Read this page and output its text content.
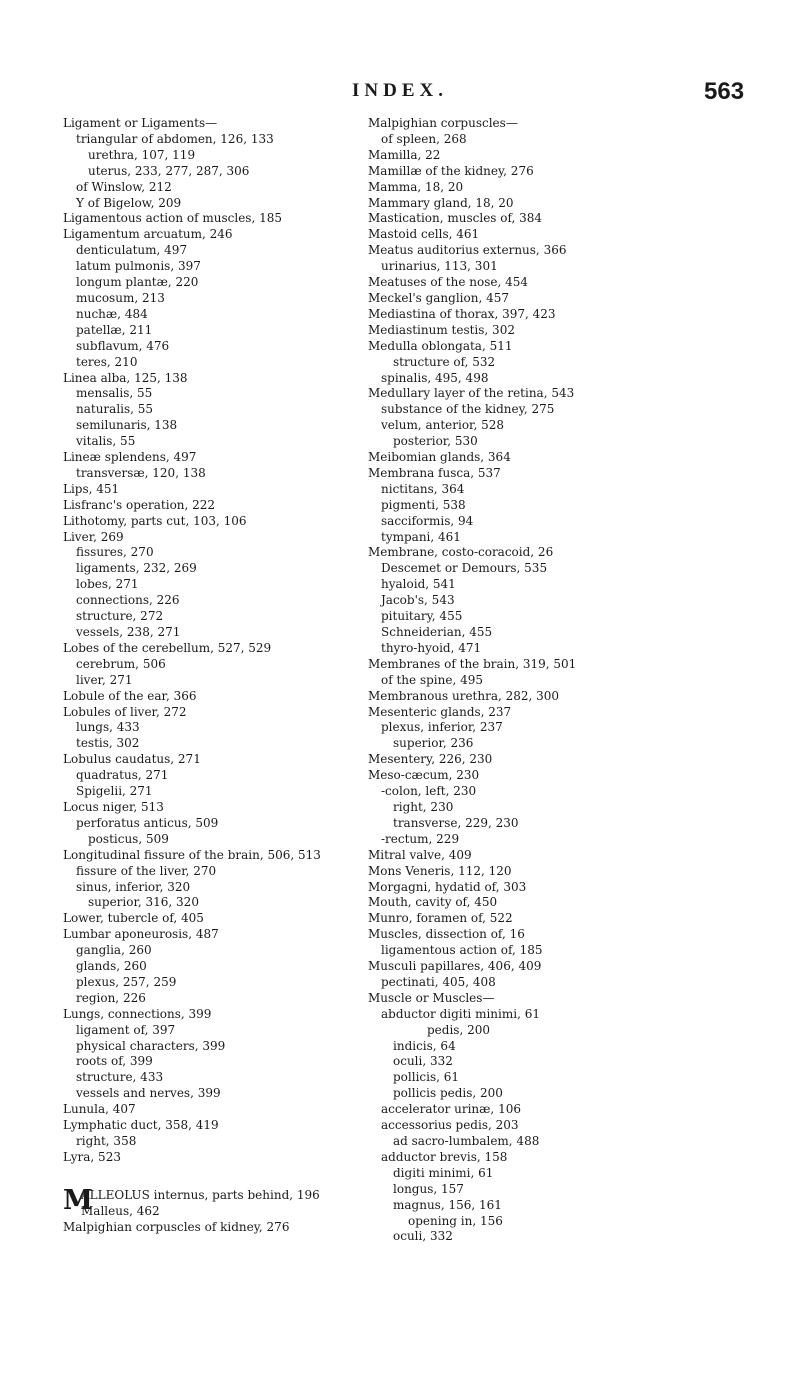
INDEX.	563
Ligament or Ligaments—
triangular of abdomen, 126, 133
urethra, 107, 119
uterus, 233, 277, 287, 306
of Winslow, 212
Y of Bigelow, 209
Ligamentous action of muscles, 185
Ligamentum arcuatum, 246
denticulatum, 497
latum pulmonis, 397
longum plantæ, 220
mucosum, 213
nuchæ, 484
patellæ, 211
subflavum, 476
teres, 210
Linea alba, 125, 138
mensalis, 55
naturalis, 55
semilunaris, 138
vitalis, 55
Lineæ splendens, 497
transversæ, 120, 138
Lips, 451
Lisfranc's operation, 222
Lithotomy, parts cut, 103, 106
Liver, 269
fissures, 270
ligaments, 232, 269
lobes, 271
connections, 226
structure, 272
vessels, 238, 271
Lobes of the cerebellum, 527, 529
cerebrum, 506
liver, 271
Lobule of the ear, 366
Lobules of liver, 272
lungs, 433
testis, 302
Lobulus caudatus, 271
quadratus, 271
Spigelii, 271
Locus niger, 513
perforatus anticus, 509
posticus, 509
Longitudinal fissure of the brain, 506, 513
fissure of the liver, 270
sinus, inferior, 320
superior, 316, 320
Lower, tubercle of, 405
Lumbar aponeurosis, 487
ganglia, 260
glands, 260
plexus, 257, 259
region, 226
Lungs, connections, 399
ligament of, 397
physical characters, 399
roots of, 399
structure, 433
vessels and nerves, 399
Lunula, 407
Lymphatic duct, 358, 419
right, 358
Lyra, 523
M
ALLEOLUS internus, parts behind, 196
Malleus, 462
Malpighian corpuscles of kidney, 276
Malpighian corpuscles—
of spleen, 268
Mamilla, 22
Mamillæ of the kidney, 276
Mamma, 18, 20
Mammary gland, 18, 20
Mastication, muscles of, 384
Mastoid cells, 461
Meatus auditorius externus, 366
urinarius, 113, 301
Meatuses of the nose, 454
Meckel's ganglion, 457
Mediastina of thorax, 397, 423
Mediastinum testis, 302
Medulla oblongata, 511
structure of, 532
spinalis, 495, 498
Medullary layer of the retina, 543
substance of the kidney, 275
velum, anterior, 528
posterior, 530
Meibomian glands, 364
Membrana fusca, 537
nictitans, 364
pigmenti, 538
sacciformis, 94
tympani, 461
Membrane, costo-coracoid, 26
Descemet or Demours, 535
hyaloid, 541
Jacob's, 543
pituitary, 455
Schneiderian, 455
thyro-hyoid, 471
Membranes of the brain, 319, 501
of the spine, 495
Membranous urethra, 282, 300
Mesenteric glands, 237
plexus, inferior, 237
superior, 236
Mesentery, 226, 230
Meso-cæcum, 230
-colon, left, 230
right, 230
transverse, 229, 230
-rectum, 229
Mitral valve, 409
Mons Veneris, 112, 120
Morgagni, hydatid of, 303
Mouth, cavity of, 450
Munro, foramen of, 522
Muscles, dissection of, 16
ligamentous action of, 185
Musculi papillares, 406, 409
pectinati, 405, 408
Muscle or Muscles—
abductor digiti minimi, 61
pedis, 200
indicis, 64
oculi, 332
pollicis, 61
pollicis pedis, 200
accelerator urinæ, 106
accessorius pedis, 203
ad sacro-lumbalem, 488
adductor brevis, 158
digiti minimi, 61
longus, 157
magnus, 156, 161
opening in, 156
oculi, 332
